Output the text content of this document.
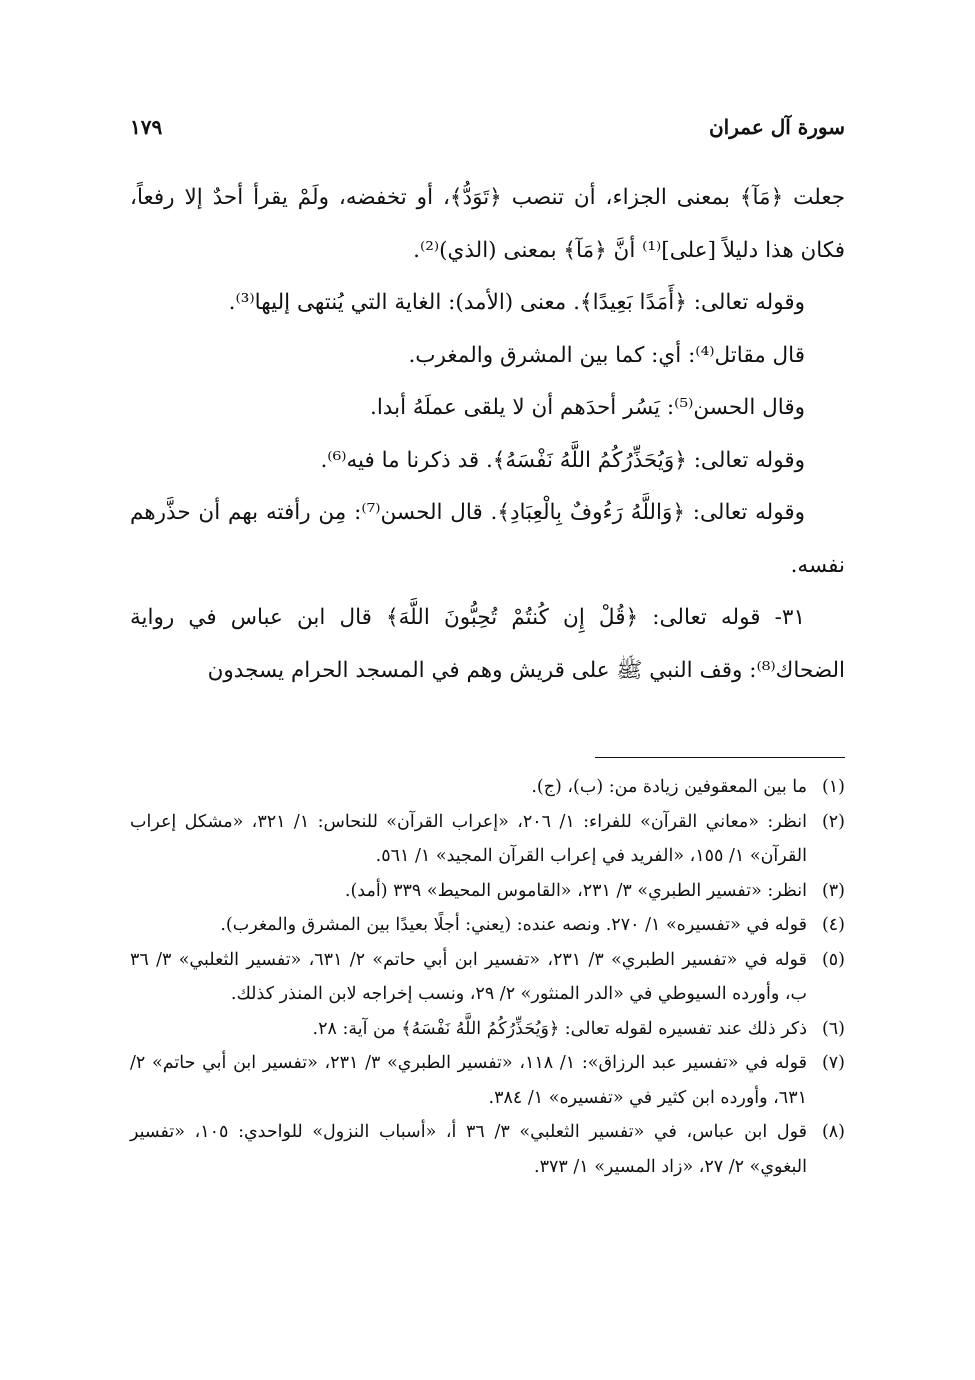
سورة آل عمران
١٧٩

جعلت ﴿مَآ﴾ بمعنى الجزاء، أن تنصب ﴿تَوَدُّ﴾، أو تخفضه، ولَمْ يقرأ أحدٌ إلا رفعاً، فكان هذا دليلاً [على]⁽¹⁾ أنَّ ﴿مَآ﴾ بمعنى (الذي)⁽²⁾.

وقوله تعالى: ﴿أَمَدًا بَعِيدًا﴾. معنى (الأمد): الغاية التي يُنتهى إليها⁽³⁾.

قال مقاتل⁽⁴⁾: أي: كما بين المشرق والمغرب.

وقال الحسن⁽⁵⁾: يَسُر أحدَهم أن لا يلقى عملَهُ أبدا.

وقوله تعالى: ﴿وَيُحَذِّرُكُمُ اللَّهُ نَفْسَهُ﴾. قد ذكرنا ما فيه⁽⁶⁾.

وقوله تعالى: ﴿وَاللَّهُ رَءُوفٌ بِالْعِبَادِ﴾. قال الحسن⁽⁷⁾: مِن رأفته بهم أن حذَّرهم نفسه.

٣١- قوله تعالى: ﴿قُلْ إِن كُنتُمْ تُحِبُّونَ اللَّهَ﴾ قال ابن عباس في رواية الضحاك⁽⁸⁾: وقف النبي ﷺ على قريش وهم في المسجد الحرام يسجدون

(١)
ما بين المعقوفين زيادة من: (ب)، (ج).
(٢)
انظر: «معاني القرآن» للفراء: ١/ ٢٠٦، «إعراب القرآن» للنحاس: ١/ ٣٢١، «مشكل إعراب القرآن» ١/ ١٥٥، «الفريد في إعراب القرآن المجيد» ١/ ٥٦١.
(٣)
انظر: «تفسير الطبري» ٣/ ٢٣١، «القاموس المحيط» ٣٣٩ (أمد).
(٤)
قوله في «تفسيره» ١/ ٢٧٠. ونصه عنده: (يعني: أجلًا بعيدًا بين المشرق والمغرب).
(٥)
قوله في «تفسير الطبري» ٣/ ٢٣١، «تفسير ابن أبي حاتم» ٢/ ٦٣١، «تفسير الثعلبي» ٣/ ٣٦ ب، وأورده السيوطي في «الدر المنثور» ٢/ ٢٩، ونسب إخراجه لابن المنذر كذلك.
(٦)
ذكر ذلك عند تفسيره لقوله تعالى: ﴿وَيُحَذِّرُكُمُ اللَّهُ نَفْسَهُ﴾ من آية: ٢٨.
(٧)
قوله في «تفسير عبد الرزاق»: ١/ ١١٨، «تفسير الطبري» ٣/ ٢٣١، «تفسير ابن أبي حاتم» ٢/ ٦٣١، وأورده ابن كثير في «تفسيره» ١/ ٣٨٤.
(٨)
قول ابن عباس، في «تفسير الثعلبي» ٣/ ٣٦ أ، «أسباب النزول» للواحدي: ١٠٥، «تفسير البغوي» ٢/ ٢٧، «زاد المسير» ١/ ٣٧٣.
